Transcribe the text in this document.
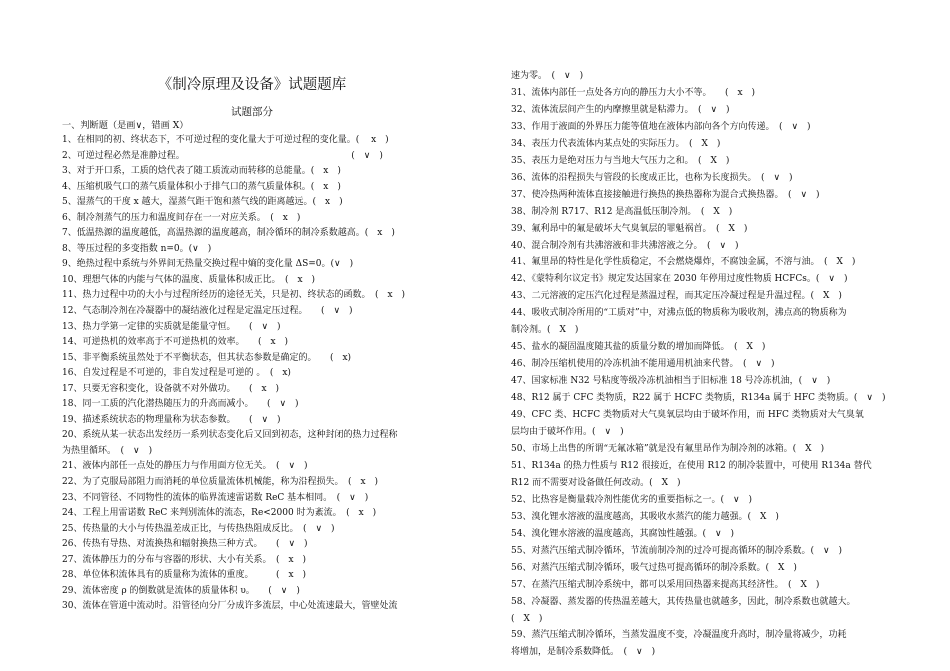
《制冷原理及设备》试题题库
试题部分
一、判断题（是画∨，错画 X）
1、在相同的初、终状态下，不可逆过程的变化量大于可逆过程的变化量。(　 x　)
2、可逆过程必然是准静过程。　　　　　　　　　　　　　　　　　　　(　∨　)
3、对于开口系，工质的焓代表了随工质流动而转移的总能量。(　x　)
4、压缩机吸气口的蒸气质量体积小于排气口的蒸气质量体积。(　x　)
5、湿蒸气的干度 x 越大，湿蒸气距干饱和蒸气线的距离越远。(　x　)
6、制冷剂蒸气的压力和温度间存在一一对应关系。　(　x　)
7、低温热源的温度越低，高温热源的温度越高，制冷循环的制冷系数越高。(　x　)
8、等压过程的多变指数 n=0。(∨　)
9、绝热过程中系统与外界间无热量交换过程中熵的变化量 ΔS=0。(∨　)
10、理想气体的内能与气体的温度、质量体积成正比。　(　x　)
11、热力过程中功的大小与过程所经历的途径无关，只是初、终状态的函数。　(　x　)
12、气态制冷剂在冷凝器中的凝结液化过程是定温定压过程。　　(　∨　)
13、热力学第一定律的实质就是能量守恒。　　(　∨　)
14、可逆热机的效率高于不可逆热机的效率。　　(　x　)
15、非平衡系统虽然处于不平衡状态，但其状态参数是确定的。　　(　x)
16、自发过程是不可逆的，非自发过程是可逆的 。　(　x)
17、只要无容积变化，设备就不对外做功。　　(　x　)
18、同一工质的汽化潜热随压力的升高而减小。　　(　∨　)
19、描述系统状态的物理量称为状态参数。　　(　∨　)
20、系统从某一状态出发经历一系列状态变化后又回到初态，这种封闭的热力过程称
为热里循环。　(　∨　)
21、液体内部任一点处的静压力与作用面方位无关。　(　∨　)
22、为了克服局部阻力而消耗的单位质量流体机械能，称为沿程损失。　(　x　)
23、不同管径、不同物性的流体的临界流速雷诺数 ReC 基本相同。　(　∨　)
24、工程上用雷诺数 ReC 来判别流体的流态，Re<2000 时为紊流。　(　x　)
25、传热量的大小与传热温差成正比，与传热热阻成反比。　(　∨　)
26、传热有导热、对流换热和辐射换热三种方式。　　(　∨　)
27、流体静压力的分布与容器的形状、大小有关系。　(　x　)
28、单位体积流体具有的质量称为流体的重度。　　　(　x　)
29、流体密度 ρ 的倒数就是流体的质量体积 υ。　　(　∨　)
30、流体在管道中流动时。沿管径向分厂分成许多流层，中心处流速最大，管壁处流
速为零。　(　∨　)
31、流体内部任一点处各方向的静压力大小不等。　　(　x　)
32、流体流层间产生的内摩擦里就是粘滞力。　(　∨　)
33、作用于液面的外界压力能等值地在液体内部向各个方向传递。　(　∨　)
34、表压力代表流体内某点处的实际压力。　(　X　)
35、表压力是绝对压力与当地大气压力之和。　(　X　)
36、流体的沿程损失与管段的长度成正比，也称为长度损失。　(　∨　)
37、使冷热两种流体直接接触进行换热的换热器称为混合式换热器。　(　∨　)
38、制冷剂 R717、R12 是高温低压制冷剂。　(　X　)
39、氟利昂中的氟是破坏大气臭氧层的罪魁祸首。　(　X　)
40、混合制冷剂有共沸溶液和非共沸溶液之分。　(　∨　)
41、氟里昂的特性是化学性质稳定，不会燃烧爆炸，不腐蚀金属，不溶与油。　(　X　)
42、《蒙特利尔议定书》规定发达国家在 2030 年停用过度性物质 HCFCs。(　∨　)
43、二元溶液的定压汽化过程是蒸温过程，而其定压冷凝过程是升温过程。(　X　)
44、吸收式制冷所用的“工质对”中，对沸点低的物质称为吸收剂，沸点高的物质称为
制冷剂。(　X　)
45、盐水的凝固温度随其盐的质量分数的增加而降低。　(　X　)
46、制冷压缩机使用的冷冻机油不能用通用机油来代替。　(　∨　)
47、国家标准 N32 号粘度等级冷冻机油相当于旧标准 18 号冷冻机油，(　∨　)
48、R12 属于 CFC 类物质，R22 属于 HCFC 类物质，R134a 属于 HFC 类物质。(　∨　)
49、CFC 类、HCFC 类物质对大气臭氧层均由于破坏作用，而 HFC 类物质对大气臭氧
层均由于破坏作用。(　∨　)
50、市场上出售的所谓“无氟冰箱”就是没有氟里昂作为制冷剂的冰箱。(　X　)
51、R134a 的热力性质与 R12 很接近，在使用 R12 的制冷装置中，可使用 R134a 替代
R12 而不需要对设备做任何改动。(　X　)
52、比热容是衡量载冷剂性能优劣的重要指标之一。(　∨　)
53、溴化锂水溶液的温度越高，其吸收水蒸汽的能力越强。(　X　)
54、溴化锂水溶液的温度越高，其腐蚀性越强。(　∨　)
55、对蒸汽压缩式制冷循环，节流前制冷剂的过冷可提高循环的制冷系数。(　∨　)
56、对蒸汽压缩式制冷循环，吸气过热可提高循环的制冷系数。(　X　)
57、在蒸汽压缩式制冷系统中，都可以采用回热器来提高其经济性。　(　X　)
58、冷凝器、蒸发器的传热温差越大，其传热量也就越多，因此，制冷系数也就越大。
(　X　)
59、蒸汽压缩式制冷循环，当蒸发温度不变，冷凝温度升高时，制冷量将减少，功耗
将增加，是制冷系数降低。　(　∨　)
